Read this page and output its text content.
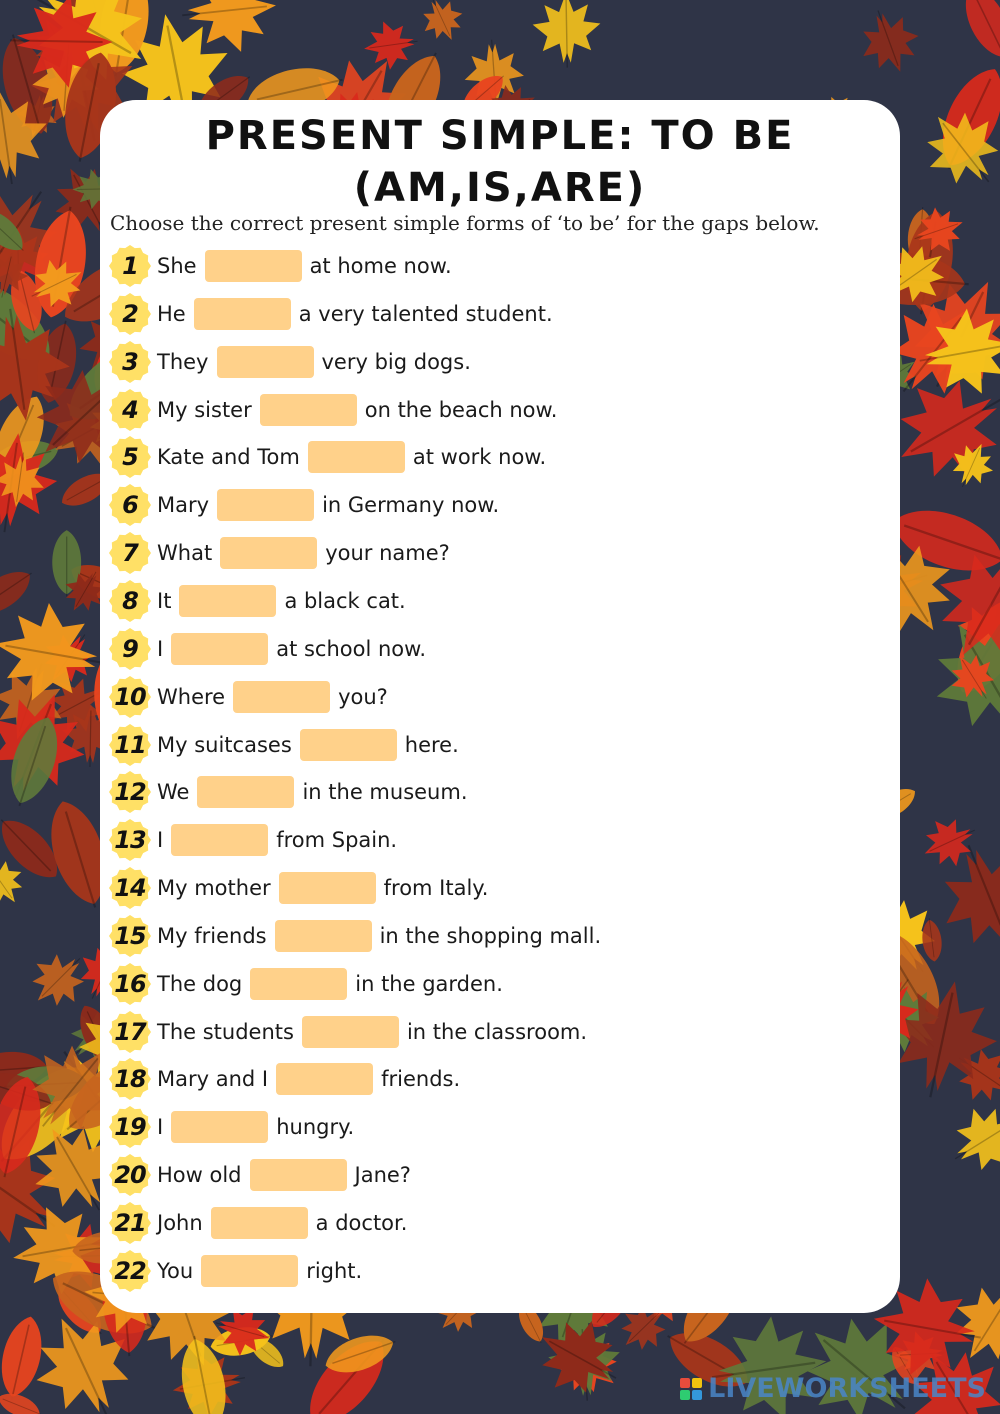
PRESENT SIMPLE: TO BE
(AM,IS,ARE)
Choose the correct present simple forms of ‘to be’ for the gaps below.
1 She	at home now.
2 He	a very talented student.
3 They	very big dogs.
4 My sister	on the beach now.
5 Kate and Tom	at work now.
6 Mary	in Germany now.
7 What	your name?
8 It	a black cat.
9 I	at school now.
10 Where	you?
11 My suitcases	here.
12 We	in the museum.
13 I	from Spain.
14 My mother	from Italy.
15 My friends	in the shopping mall.
16 The dog	in the garden.
17 The students	in the classroom.
18 Mary and I	friends.
19 I	hungry.
20 How old	Jane?
21 John	a doctor.
22 You	right.
LIVEWORKSHEETS
